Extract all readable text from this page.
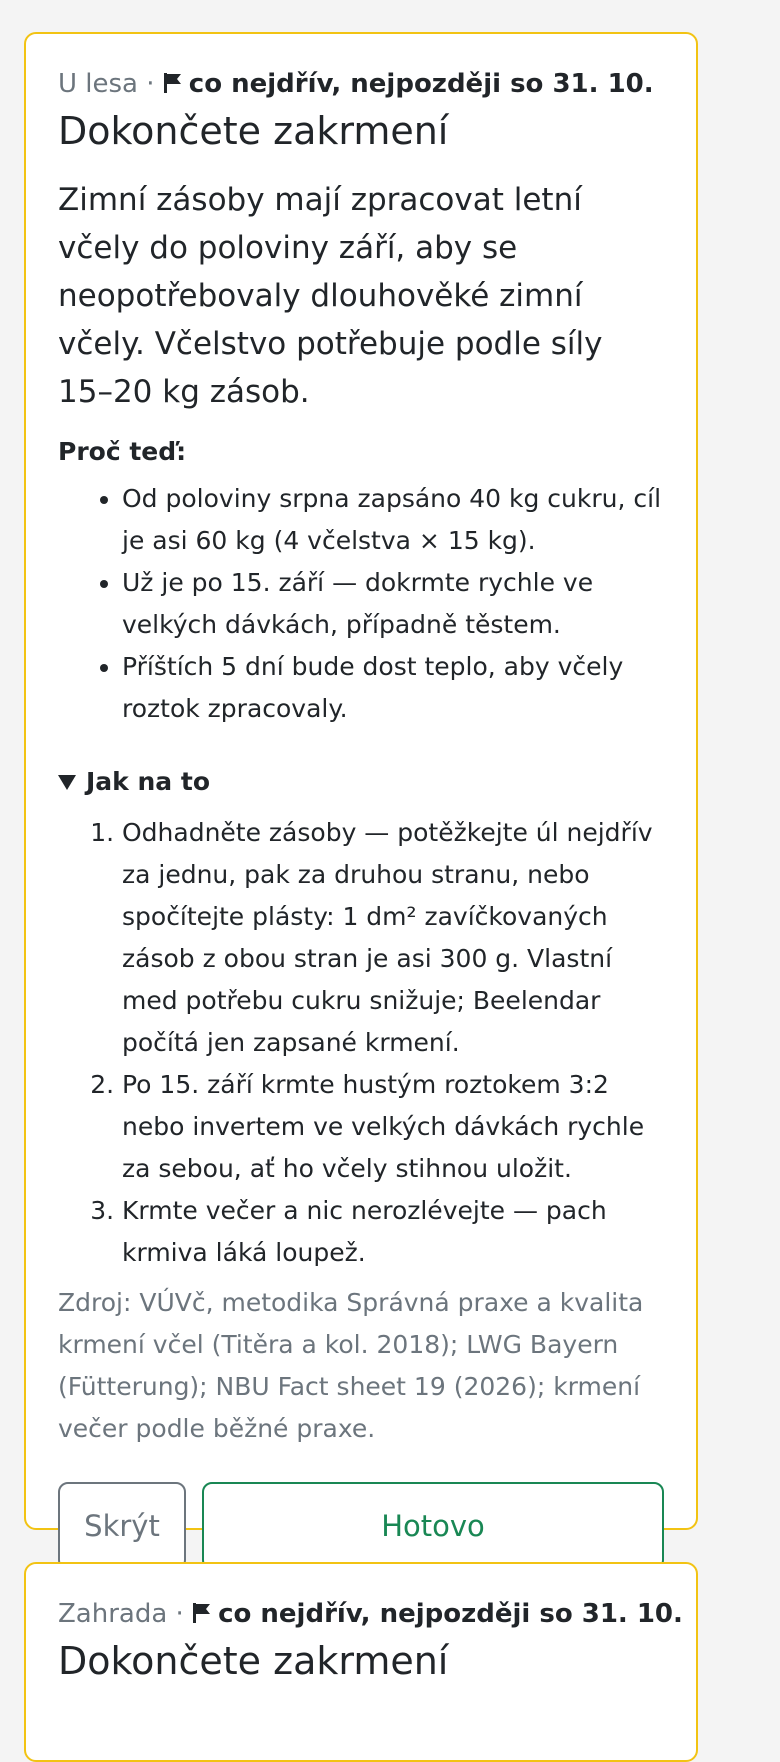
U lesa · co nejdřív, nejpozději so 31. 10.
Dokončete zakrmení

Zimní zásoby mají zpracovat letní včely do poloviny září, aby se neopotřebovaly dlouhověké zimní včely. Včelstvo potřebuje podle síly 15–20 kg zásob.

Proč teď:
• Od poloviny srpna zapsáno 40 kg cukru, cíl je asi 60 kg (4 včelstva × 15 kg).
• Už je po 15. září — dokrmte rychle ve velkých dávkách, případně těstem.
• Příštích 5 dní bude dost teplo, aby včely roztok zpracovaly.
Jak na to
1. Odhadněte zásoby — potěžkejte úl nejdřív za jednu, pak za druhou stranu, nebo spočítejte plásty: 1 dm² zavíčkovaných zásob z obou stran je asi 300 g. Vlastní med potřebu cukru snižuje; Beelendar počítá jen zapsané krmení.
2. Po 15. září krmte hustým roztokem 3:2 nebo invertem ve velkých dávkách rychle za sebou, ať ho včely stihnou uložit.
3. Krmte večer a nic nerozlévejte — pach krmiva láká loupež.

Zdroj: VÚVč, metodika Správná praxe a kvalita krmení včel (Titěra a kol. 2018); LWG Bayern (Fütterung); NBU Fact sheet 19 (2026); krmení večer podle běžné praxe.

Skrýt	Hotovo
Zahrada · co nejdřív, nejpozději so 31. 10.
Dokončete zakrmení
